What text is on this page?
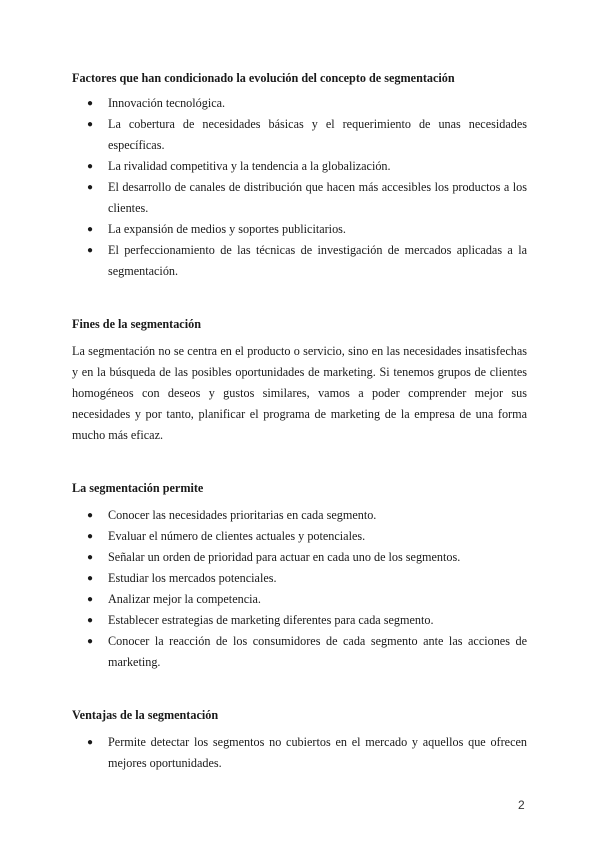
Factores que han condicionado la evolución del concepto de segmentación
● Innovación tecnológica.
● La cobertura de necesidades básicas y el requerimiento de unas necesidades específicas.
● La rivalidad competitiva y la tendencia a la globalización.
● El desarrollo de canales de distribución que hacen más accesibles los productos a los clientes.
● La expansión de medios y soportes publicitarios.
● El perfeccionamiento de las técnicas de investigación de mercados aplicadas a la segmentación.
Fines de la segmentación

La segmentación no se centra en el producto o servicio, sino en las necesidades insatisfechas y en la búsqueda de las posibles oportunidades de marketing. Si tenemos grupos de clientes homogéneos con deseos y gustos similares, vamos a poder comprender mejor sus necesidades y por tanto, planificar el programa de marketing de la empresa de una forma mucho más eficaz.

La segmentación permite
● Conocer las necesidades prioritarias en cada segmento.
● Evaluar el número de clientes actuales y potenciales.
● Señalar un orden de prioridad para actuar en cada uno de los segmentos.
● Estudiar los mercados potenciales.
● Analizar mejor la competencia.
● Establecer estrategias de marketing diferentes para cada segmento.
● Conocer la reacción de los consumidores de cada segmento ante las acciones de marketing.
Ventajas de la segmentación
● Permite detectar los segmentos no cubiertos en el mercado y aquellos que ofrecen mejores oportunidades.
2
